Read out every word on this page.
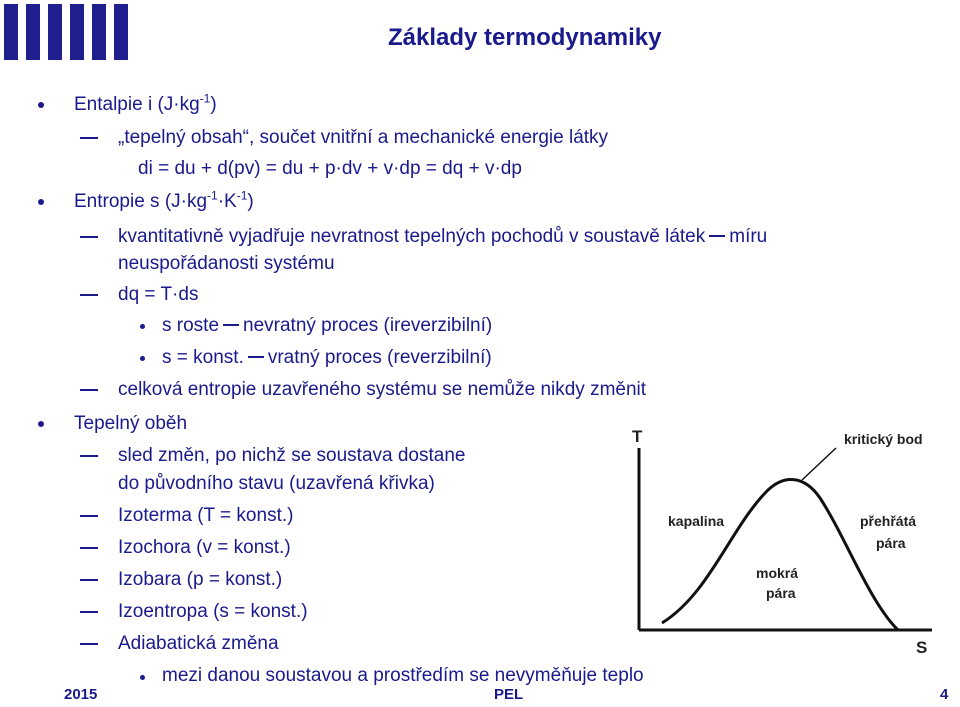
Základy termodynamiky
Entalpie i $(J\cdot kg^{-1})$
„tepelný obsah“, součet vnitřní a mechanické energie látky
di = du + d(pv) = du + p·dv + v·dp = dq + v·dp
Entropie s $(J\cdot kg^{-1}\cdot K^{-1})$
kvantitativně vyjadřuje nevratnost tepelných pochodů v soustavě látek míru
neuspořádanosti systému
dq = T·ds
s roste nevratný proces (ireverzibilní)
s = konst. vratný proces (reverzibilní)
celková entropie uzavřeného systému se nemůže nikdy změnit
Tepelný oběh
sled změn, po nichž se soustava dostane
do původního stavu (uzavřená křivka)
Izoterma (T = konst.)
Izochora (v = konst.)
Izobara (p = konst.)
Izoentropa (s = konst.)
Adiabatická změna
mezi danou soustavou a prostředím se nevyměňuje teplo
T
S
kritický bod
kapalina	přehřátá
pára
mokrá
pára
2015	PEL	4
